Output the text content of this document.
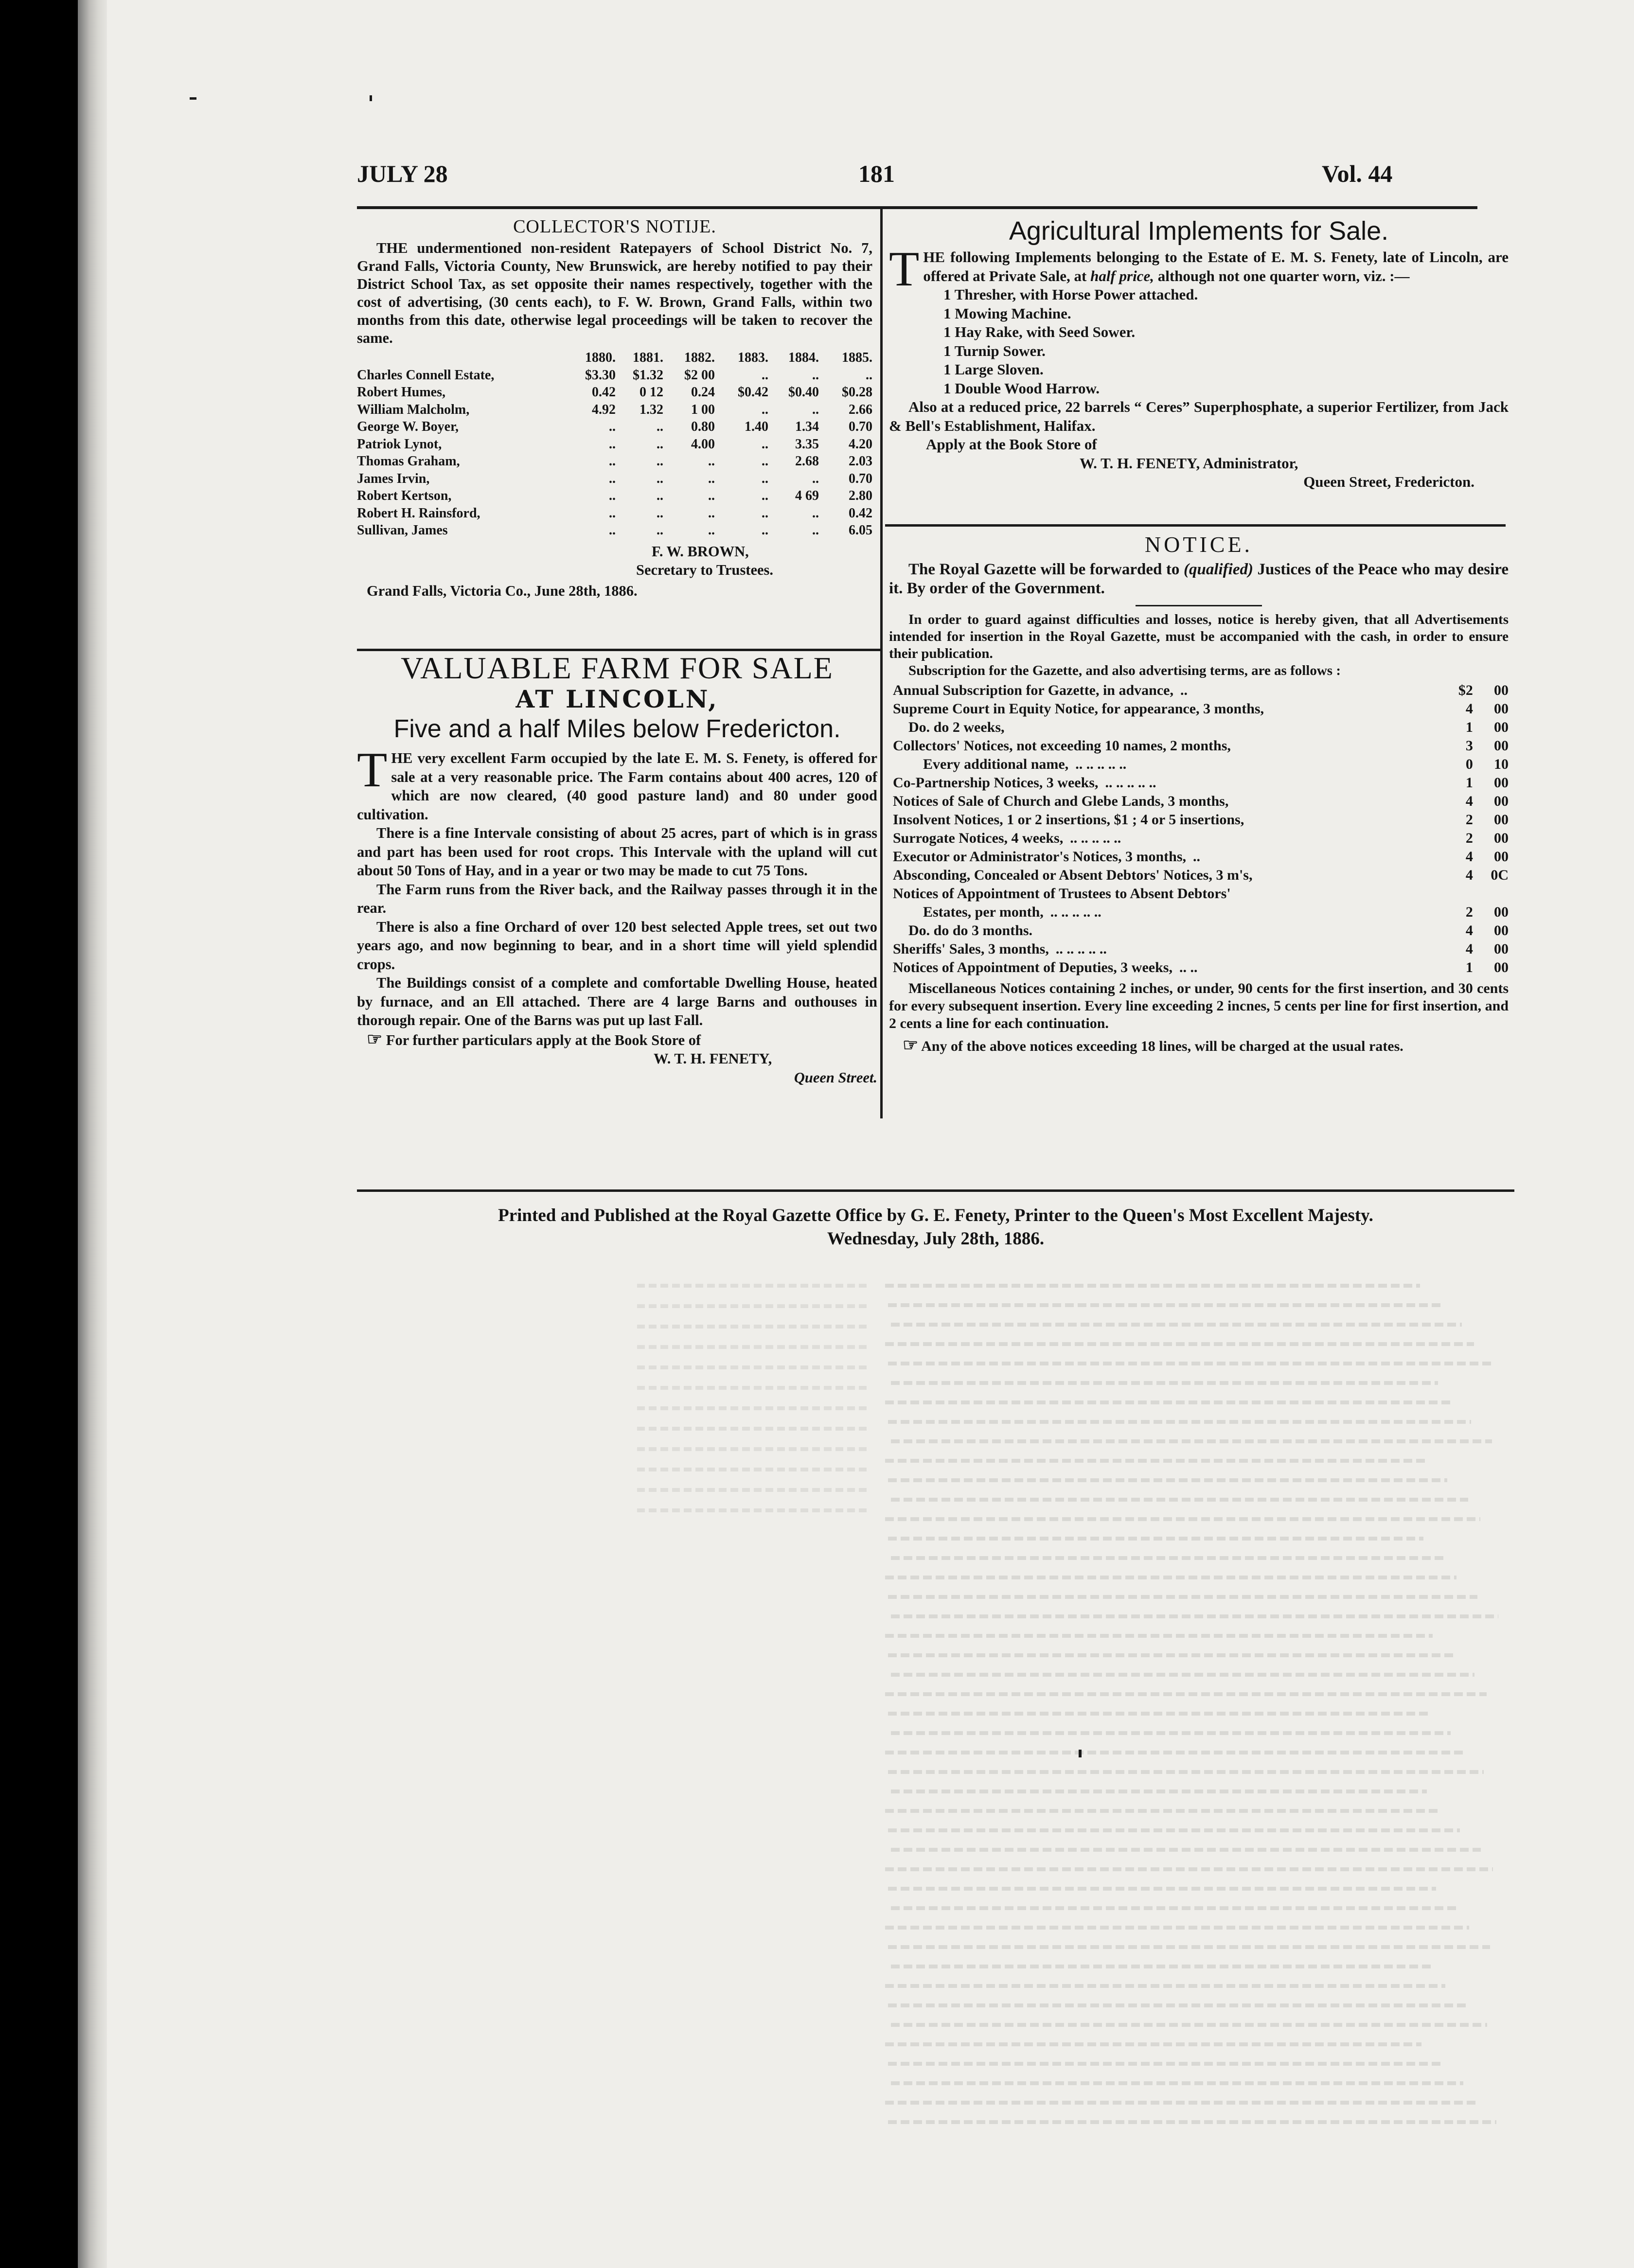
JULY 28	181	Vol. 44
COLLECTOR'S NOTIJE.

THE undermentioned non-resident Ratepayers of School District No. 7, Grand Falls, Victoria County, New Brunswick, are hereby notified to pay their District School Tax, as set opposite their names respectively, together with the cost of advertising, (30 cents each), to F. W. Brown, Grand Falls, within two months from this date, otherwise legal proceedings will be taken to recover the same.

	1880.	1881.	1882.	1883.	1884.	1885.
Charles Connell Estate,	$3.30	$1.32	$2 00	..	..	..
Robert Humes,	0.42	0 12	0.24	$0.42	$0.40	$0.28
William Malcholm,	4.92	1.32	1 00	..	..	2.66
George W. Boyer,	..	..	0.80	1.40	1.34	0.70
Patriok Lynot,	..	..	4.00	..	3.35	4.20
Thomas Graham,	..	..	..	..	2.68	2.03
James Irvin,	..	..	..	..	..	0.70
Robert Kertson,	..	..	..	..	4 69	2.80
Robert H. Rainsford,	..	..	..	..	..	0.42
Sullivan, James	..	..	..	..	..	6.05
F. W. BROWN,
Secretary to Trustees.
Grand Falls, Victoria Co., June 28th, 1886.
VALUABLE FARM FOR SALE
AT LINCOLN,
Five and a half Miles below Fredericton.

T HE very excellent Farm occupied by the late E. M. S. Fenety, is offered for sale at a very reasonable price. The Farm contains about 400 acres, 120 of which are now cleared, (40 good pasture land) and 80 under good cultivation.

There is a fine Intervale consisting of about 25 acres, part of which is in grass and part has been used for root crops. This Intervale with the upland will cut about 50 Tons of Hay, and in a year or two may be made to cut 75 Tons.

The Farm runs from the River back, and the Railway passes through it in the rear.

There is also a fine Orchard of over 120 best selected Apple trees, set out two years ago, and now beginning to bear, and in a short time will yield splendid crops.

The Buildings consist of a complete and comfortable Dwelling House, heated by furnace, and an Ell attached. There are 4 large Barns and outhouses in thorough repair. One of the Barns was put up last Fall.

☞ For further particulars apply at the Book Store of

W. T. H. FENETY,
Queen Street.
Agricultural Implements for Sale.

T HE following Implements belonging to the Estate of E. M. S. Fenety, late of Lincoln, are offered at Private Sale, at half price, although not one quarter worn, viz. :—

1 Thresher, with Horse Power attached.
1 Mowing Machine.
1 Hay Rake, with Seed Sower.
1 Turnip Sower.
1 Large Sloven.
1 Double Wood Harrow.

Also at a reduced price, 22 barrels “ Ceres” Superphosphate, a superior Fertilizer, from Jack & Bell's Establishment, Halifax.

Apply at the Book Store of
W. T. H. FENETY, Administrator,
Queen Street, Fredericton.
NOTICE.

The Royal Gazette will be forwarded to (qualified) Justices of the Peace who may desire it. By order of the Government.

In order to guard against difficulties and losses, notice is hereby given, that all Advertisements intended for insertion in the Royal Gazette, must be accompanied with the cash, in order to ensure their publication.

Subscription for the Gazette, and also advertising terms, are as follows :

Annual Subscription for Gazette, in advance, ..	$2	00
Supreme Court in Equity Notice, for appearance, 3 months,	4	00
Do. do 2 weeks,	1	00
Collectors' Notices, not exceeding 10 names, 2 months,	3	00
Every additional name, .. .. .. .. ..	0	10
Co-Partnership Notices, 3 weeks, .. .. .. .. ..	1	00
Notices of Sale of Church and Glebe Lands, 3 months,	4	00
Insolvent Notices, 1 or 2 insertions, $1 ; 4 or 5 insertions,	2	00
Surrogate Notices, 4 weeks, .. .. .. .. ..	2	00
Executor or Administrator's Notices, 3 months, ..	4	00
Absconding, Concealed or Absent Debtors' Notices, 3 m's,	4	0C
Notices of Appointment of Trustees to Absent Debtors'		
Estates, per month, .. .. .. .. ..	2	00
Do. do do 3 months.	4	00
Sheriffs' Sales, 3 months, .. .. .. .. ..	4	00
Notices of Appointment of Deputies, 3 weeks, .. ..	1	00

Miscellaneous Notices containing 2 inches, or under, 90 cents for the first insertion, and 30 cents for every subsequent insertion. Every line exceeding 2 incnes, 5 cents per line for first insertion, and 2 cents a line for each continuation.

☞ Any of the above notices exceeding 18 lines, will be charged at the usual rates.

Printed and Published at the Royal Gazette Office by G. E. Fenety, Printer to the Queen's Most Excellent Majesty.
Wednesday, July 28th, 1886.
